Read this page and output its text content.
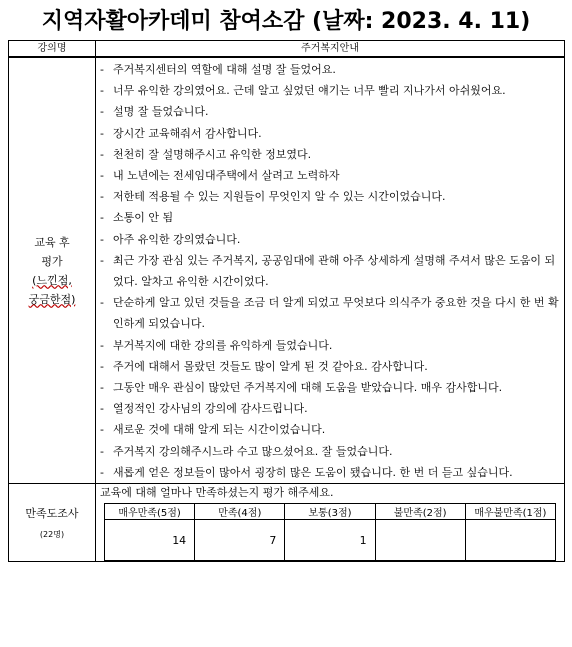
지역자활아카데미 참여소감 (날짜: 2023. 4. 11)
강의명	주거복지안내

교육 후
평가
(느낀점,
궁금한점)

- 주거복지센터의 역할에 대해 설명 잘 들었어요.
- 너무 유익한 강의였어요. 근데 알고 싶었던 얘기는 너무 빨리 지나가서 아쉬웠어요.
- 설명 잘 들었습니다.
- 장시간 교육해줘서 감사합니다.
- 천천히 잘 설명해주시고 유익한 정보였다.
- 내 노년에는 전세임대주택에서 살려고 노력하자
- 저한테 적용될 수 있는 지원들이 무엇인지 알 수 있는 시간이었습니다.
- 소통이 안 됨
- 아주 유익한 강의였습니다.
- 최근 가장 관심 있는 주거복지, 공공임대에 관해 아주 상세하게 설명해 주셔서 많은 도움이 되었다. 알차고 유익한 시간이었다.
- 단순하게 알고 있던 것들을 조금 더 알게 되었고 무엇보다 의식주가 중요한 것을 다시 한 번 확인하게 되었습니다.
- 부거복지에 대한 강의를 유익하게 들었습니다.
- 주거에 대해서 몰랐던 것들도 많이 알게 된 것 같아요. 감사합니다.
- 그동안 매우 관심이 많았던 주거복지에 대해 도움을 받았습니다. 매우 감사합니다.
- 열정적인 강사님의 강의에 감사드립니다.
- 새로운 것에 대해 알게 되는 시간이었습니다.
- 주거복지 강의해주시느라 수고 많으셨어요. 잘 들었습니다.
- 새롭게 얻은 정보들이 많아서 굉장히 많은 도움이 됐습니다. 한 번 더 듣고 싶습니다.

만족도조사
(22명)

교육에 대해 얼마나 만족하셨는지 평가 해주세요.
매우만족(5점)	만족(4점)	보통(3점)	불만족(2점)	매우불만족(1점)
14	7	1		
